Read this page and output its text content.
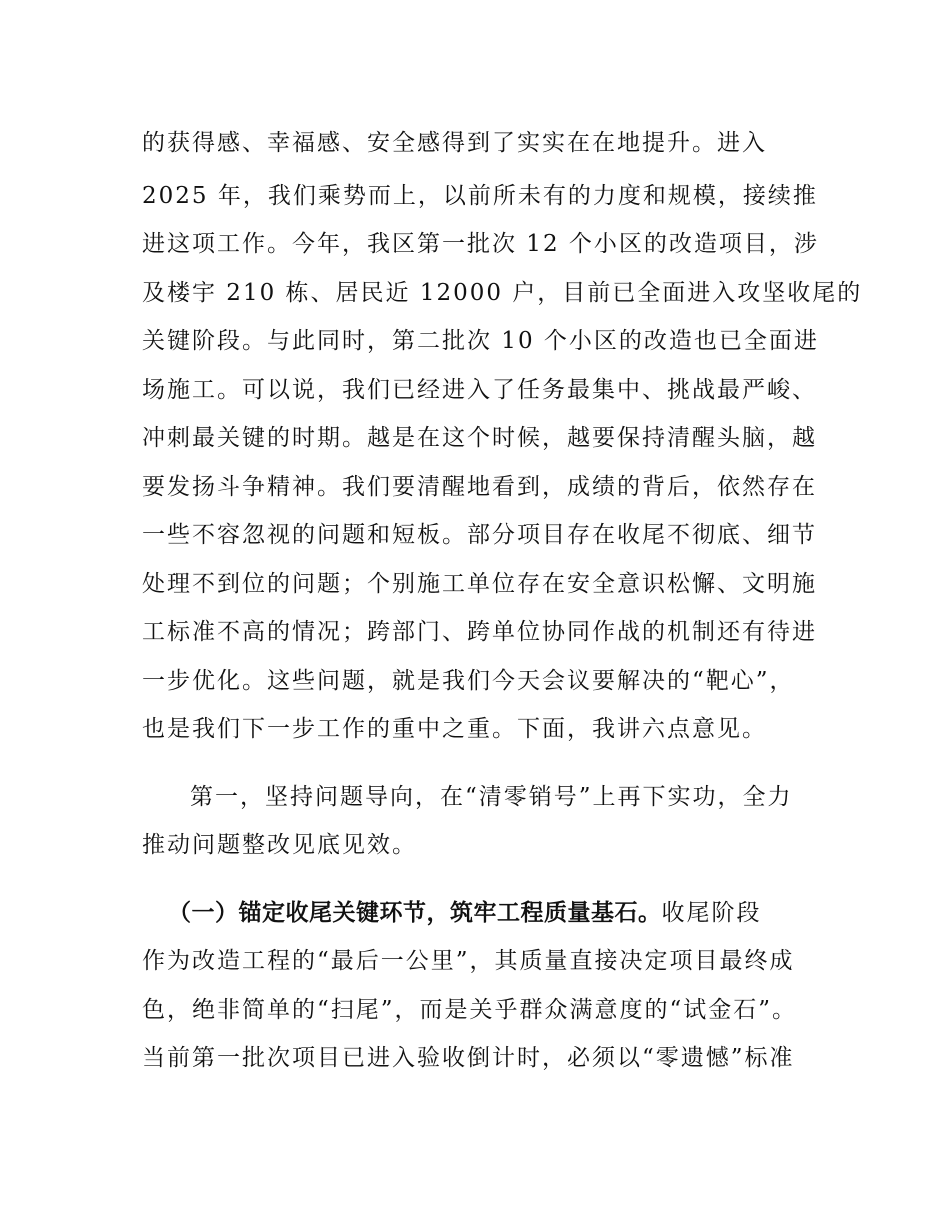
的获得感、幸福感、安全感得到了实实在在地提升。进入
2025 年，我们乘势而上，以前所未有的力度和规模，接续推
进这项工作。今年，我区第一批次 12 个小区的改造项目，涉
及楼宇 210 栋、居民近 12000 户，目前已全面进入攻坚收尾的
关键阶段。与此同时，第二批次 10 个小区的改造也已全面进
场施工。可以说，我们已经进入了任务最集中、挑战最严峻、
冲刺最关键的时期。越是在这个时候，越要保持清醒头脑，越
要发扬斗争精神。我们要清醒地看到，成绩的背后，依然存在
一些不容忽视的问题和短板。部分项目存在收尾不彻底、细节
处理不到位的问题；个别施工单位存在安全意识松懈、文明施
工标准不高的情况；跨部门、跨单位协同作战的机制还有待进
一步优化。这些问题，就是我们今天会议要解决的“靶心”，
也是我们下一步工作的重中之重。下面，我讲六点意见。
第一，坚持问题导向，在“清零销号”上再下实功，全力
推动问题整改见底见效。
（一）锚定收尾关键环节，筑牢工程质量基石。收尾阶段
作为改造工程的“最后一公里”，其质量直接决定项目最终成
色，绝非简单的“扫尾”，而是关乎群众满意度的“试金石”。
当前第一批次项目已进入验收倒计时，必须以“零遗憾”标准
